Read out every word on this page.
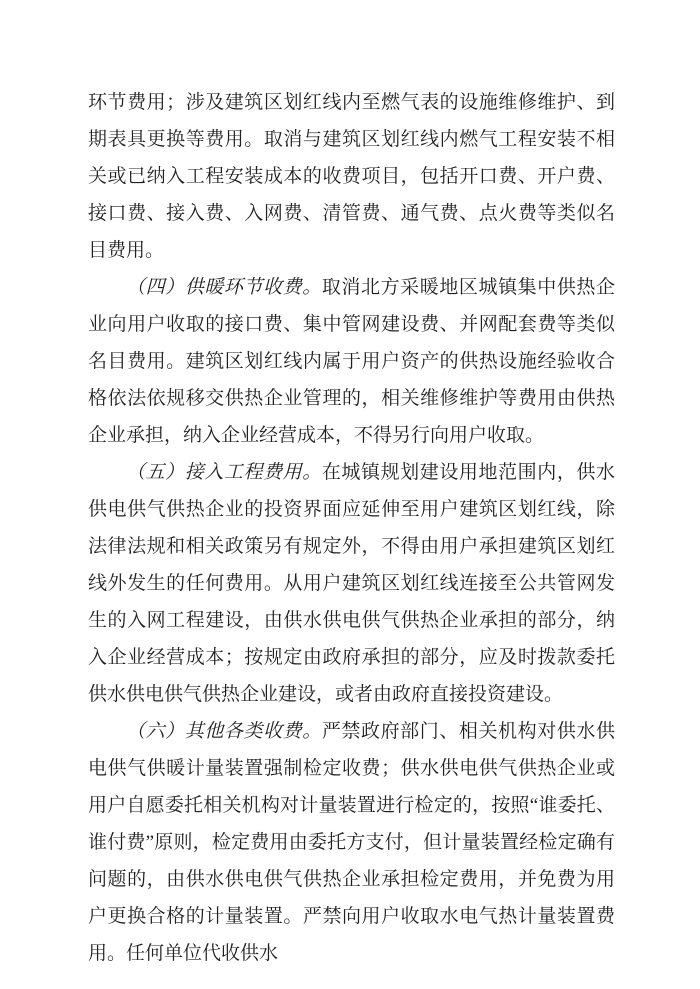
环节费用；涉及建筑区划红线内至燃气表的设施维修维护、到期表具更换等费用。取消与建筑区划红线内燃气工程安装不相关或已纳入工程安装成本的收费项目，包括开口费、开户费、接口费、接入费、入网费、清管费、通气费、点火费等类似名目费用。

（四）供暖环节收费。取消北方采暖地区城镇集中供热企业向用户收取的接口费、集中管网建设费、并网配套费等类似名目费用。建筑区划红线内属于用户资产的供热设施经验收合格依法依规移交供热企业管理的，相关维修维护等费用由供热企业承担，纳入企业经营成本，不得另行向用户收取。

（五）接入工程费用。在城镇规划建设用地范围内，供水供电供气供热企业的投资界面应延伸至用户建筑区划红线，除法律法规和相关政策另有规定外，不得由用户承担建筑区划红线外发生的任何费用。从用户建筑区划红线连接至公共管网发生的入网工程建设，由供水供电供气供热企业承担的部分，纳入企业经营成本；按规定由政府承担的部分，应及时拨款委托供水供电供气供热企业建设，或者由政府直接投资建设。

（六）其他各类收费。严禁政府部门、相关机构对供水供电供气供暖计量装置强制检定收费；供水供电供气供热企业或用户自愿委托相关机构对计量装置进行检定的，按照“谁委托、谁付费”原则，检定费用由委托方支付，但计量装置经检定确有问题的，由供水供电供气供热企业承担检定费用，并免费为用户更换合格的计量装置。严禁向用户收取水电气热计量装置费用。任何单位代收供水
